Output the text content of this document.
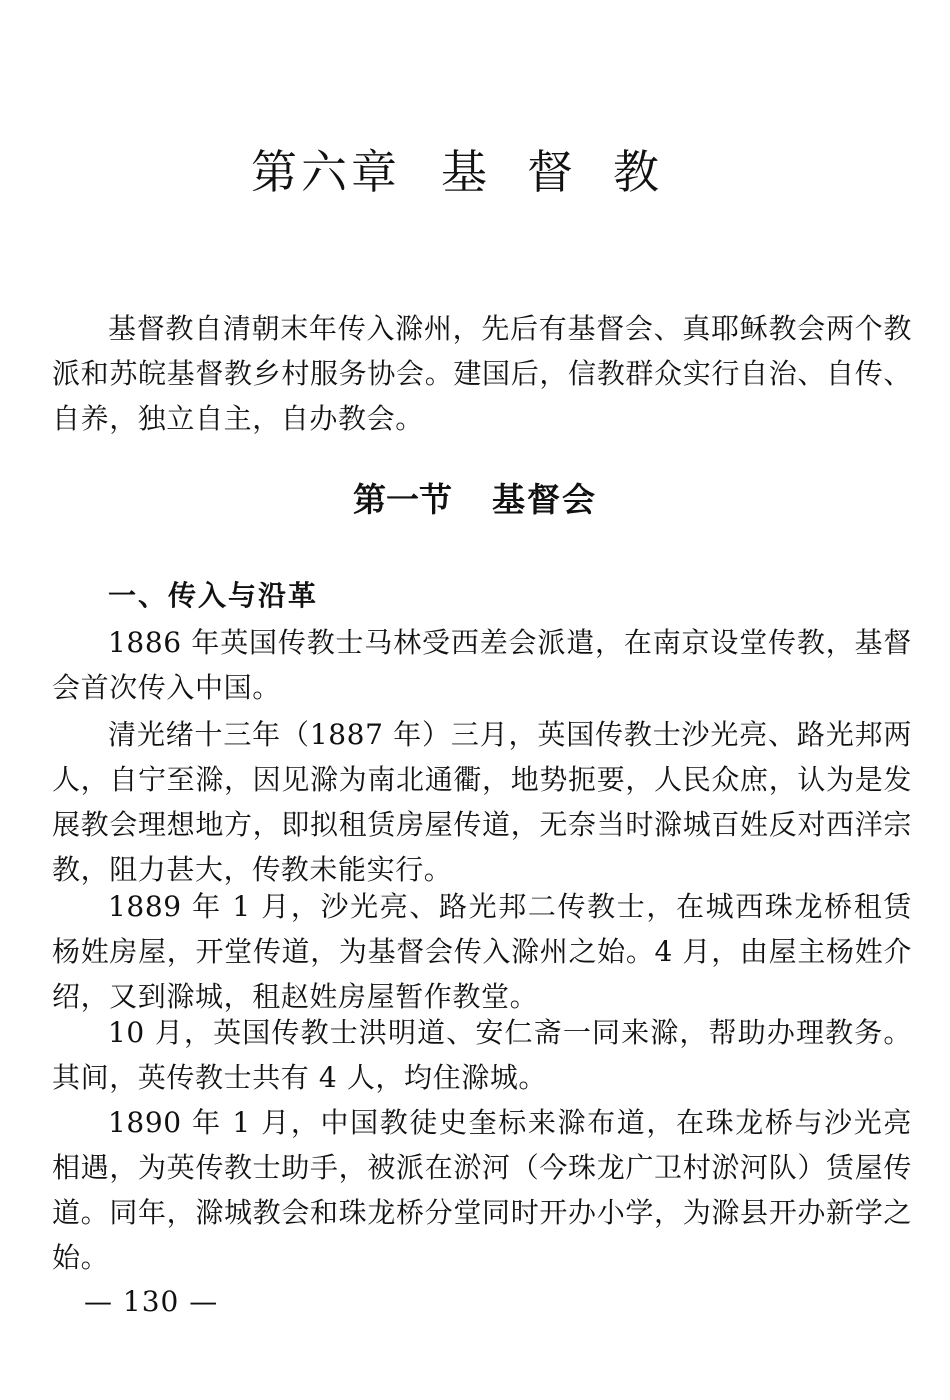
第六章 基督教

基督教自清朝末年传入滁州，先后有基督会、真耶稣教会两个教派和苏皖基督教乡村服务协会。建国后，信教群众实行自治、自传、自养，独立自主，自办教会。

第一节 基督会
一、传入与沿革

1886 年英国传教士马林受西差会派遣，在南京设堂传教，基督会首次传入中国。

清光绪十三年（1887 年）三月，英国传教士沙光亮、路光邦两人，自宁至滁，因见滁为南北通衢，地势扼要，人民众庶，认为是发展教会理想地方，即拟租赁房屋传道，无奈当时滁城百姓反对西洋宗教，阻力甚大，传教未能实行。

1889 年 1 月，沙光亮、路光邦二传教士，在城西珠龙桥租赁杨姓房屋，开堂传道，为基督会传入滁州之始。4 月，由屋主杨姓介绍，又到滁城，租赵姓房屋暂作教堂。

10 月，英国传教士洪明道、安仁斋一同来滁，帮助办理教务。其间，英传教士共有 4 人，均住滁城。

1890 年 1 月，中国教徒史奎标来滁布道，在珠龙桥与沙光亮相遇，为英传教士助手，被派在淤河（今珠龙广卫村淤河队）赁屋传道。同年，滁城教会和珠龙桥分堂同时开办小学，为滁县开办新学之始。

— 130 —
